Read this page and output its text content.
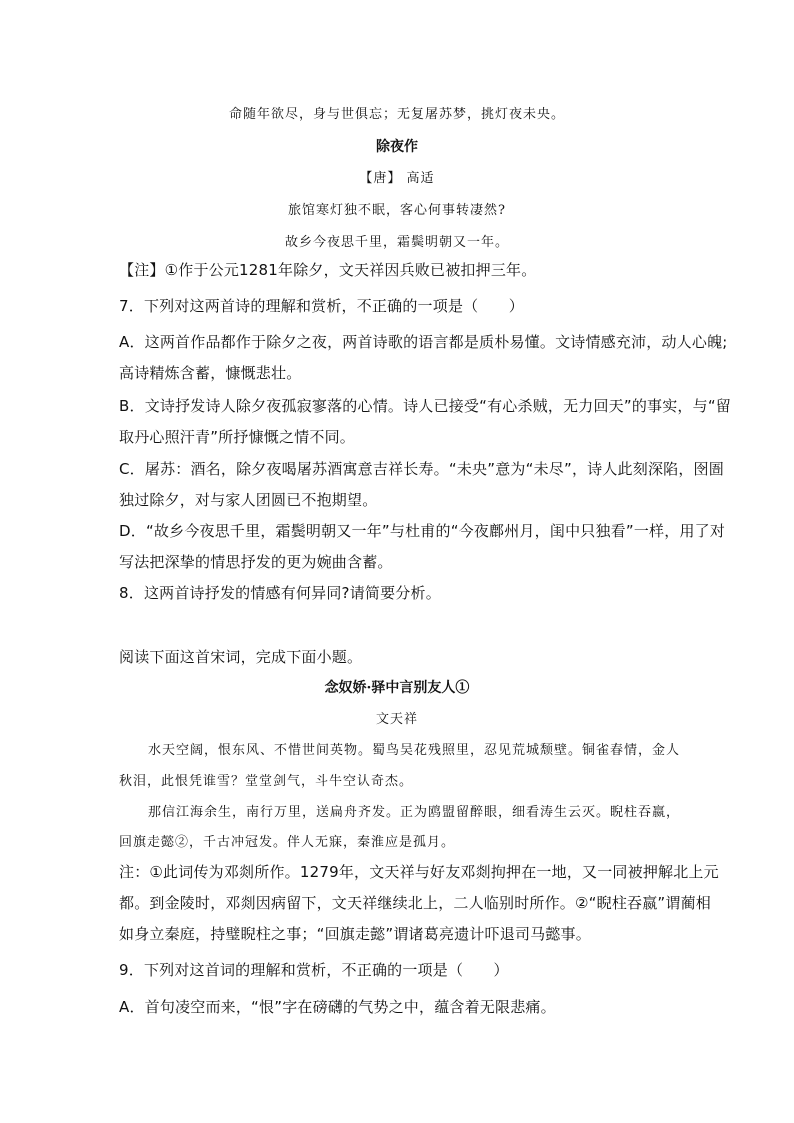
命随年欲尽，身与世俱忘；无复屠苏梦，挑灯夜未央。
除夜作
【唐】 高适
旅馆寒灯独不眠，客心何事转凄然?
故乡今夜思千里，霜鬓明朝又一年。
【注】①作于公元1281年除夕，文天祥因兵败已被扣押三年。
7．下列对这两首诗的理解和赏析，不正确的一项是（　　）
A．这两首作品都作于除夕之夜，两首诗歌的语言都是质朴易懂。文诗情感充沛，动人心魄;
高诗精炼含蓄，慷慨悲壮。
B．文诗抒发诗人除夕夜孤寂寥落的心情。诗人已接受“有心杀贼，无力回天”的事实，与“留
取丹心照汗青”所抒慷慨之情不同。
C．屠苏：酒名，除夕夜喝屠苏酒寓意吉祥长寿。“未央”意为“未尽”，诗人此刻深陷，囹圄
独过除夕，对与家人团圆已不抱期望。
D．“故乡今夜思千里，霜鬓明朝又一年”与杜甫的“今夜鄜州月，闺中只独看”一样，用了对
写法把深挚的情思抒发的更为婉曲含蓄。
8．这两首诗抒发的情感有何异同?请简要分析。
阅读下面这首宋词，完成下面小题。
念奴娇·驿中言别友人①
文天祥
水天空阔，恨东风、不惜世间英物。蜀鸟吴花残照里，忍见荒城颓壁。铜雀春情，金人
秋泪，此恨凭谁雪？堂堂剑气，斗牛空认奇杰。
那信江海余生，南行万里，送扁舟齐发。正为鸥盟留醉眼，细看涛生云灭。睨柱吞嬴，
回旗走懿②，千古冲冠发。伴人无寐，秦淮应是孤月。
注：①此词传为邓剡所作。1279年，文天祥与好友邓剡拘押在一地，又一同被押解北上元
都。到金陵时，邓剡因病留下，文天祥继续北上，二人临别时所作。②“睨柱吞嬴”谓蔺相
如身立秦庭，持璧睨柱之事；“回旗走懿”谓诸葛亮遗计吓退司马懿事。
9．下列对这首词的理解和赏析，不正确的一项是（　　）
A．首句凌空而来，“恨”字在磅礴的气势之中，蕴含着无限悲痛。
